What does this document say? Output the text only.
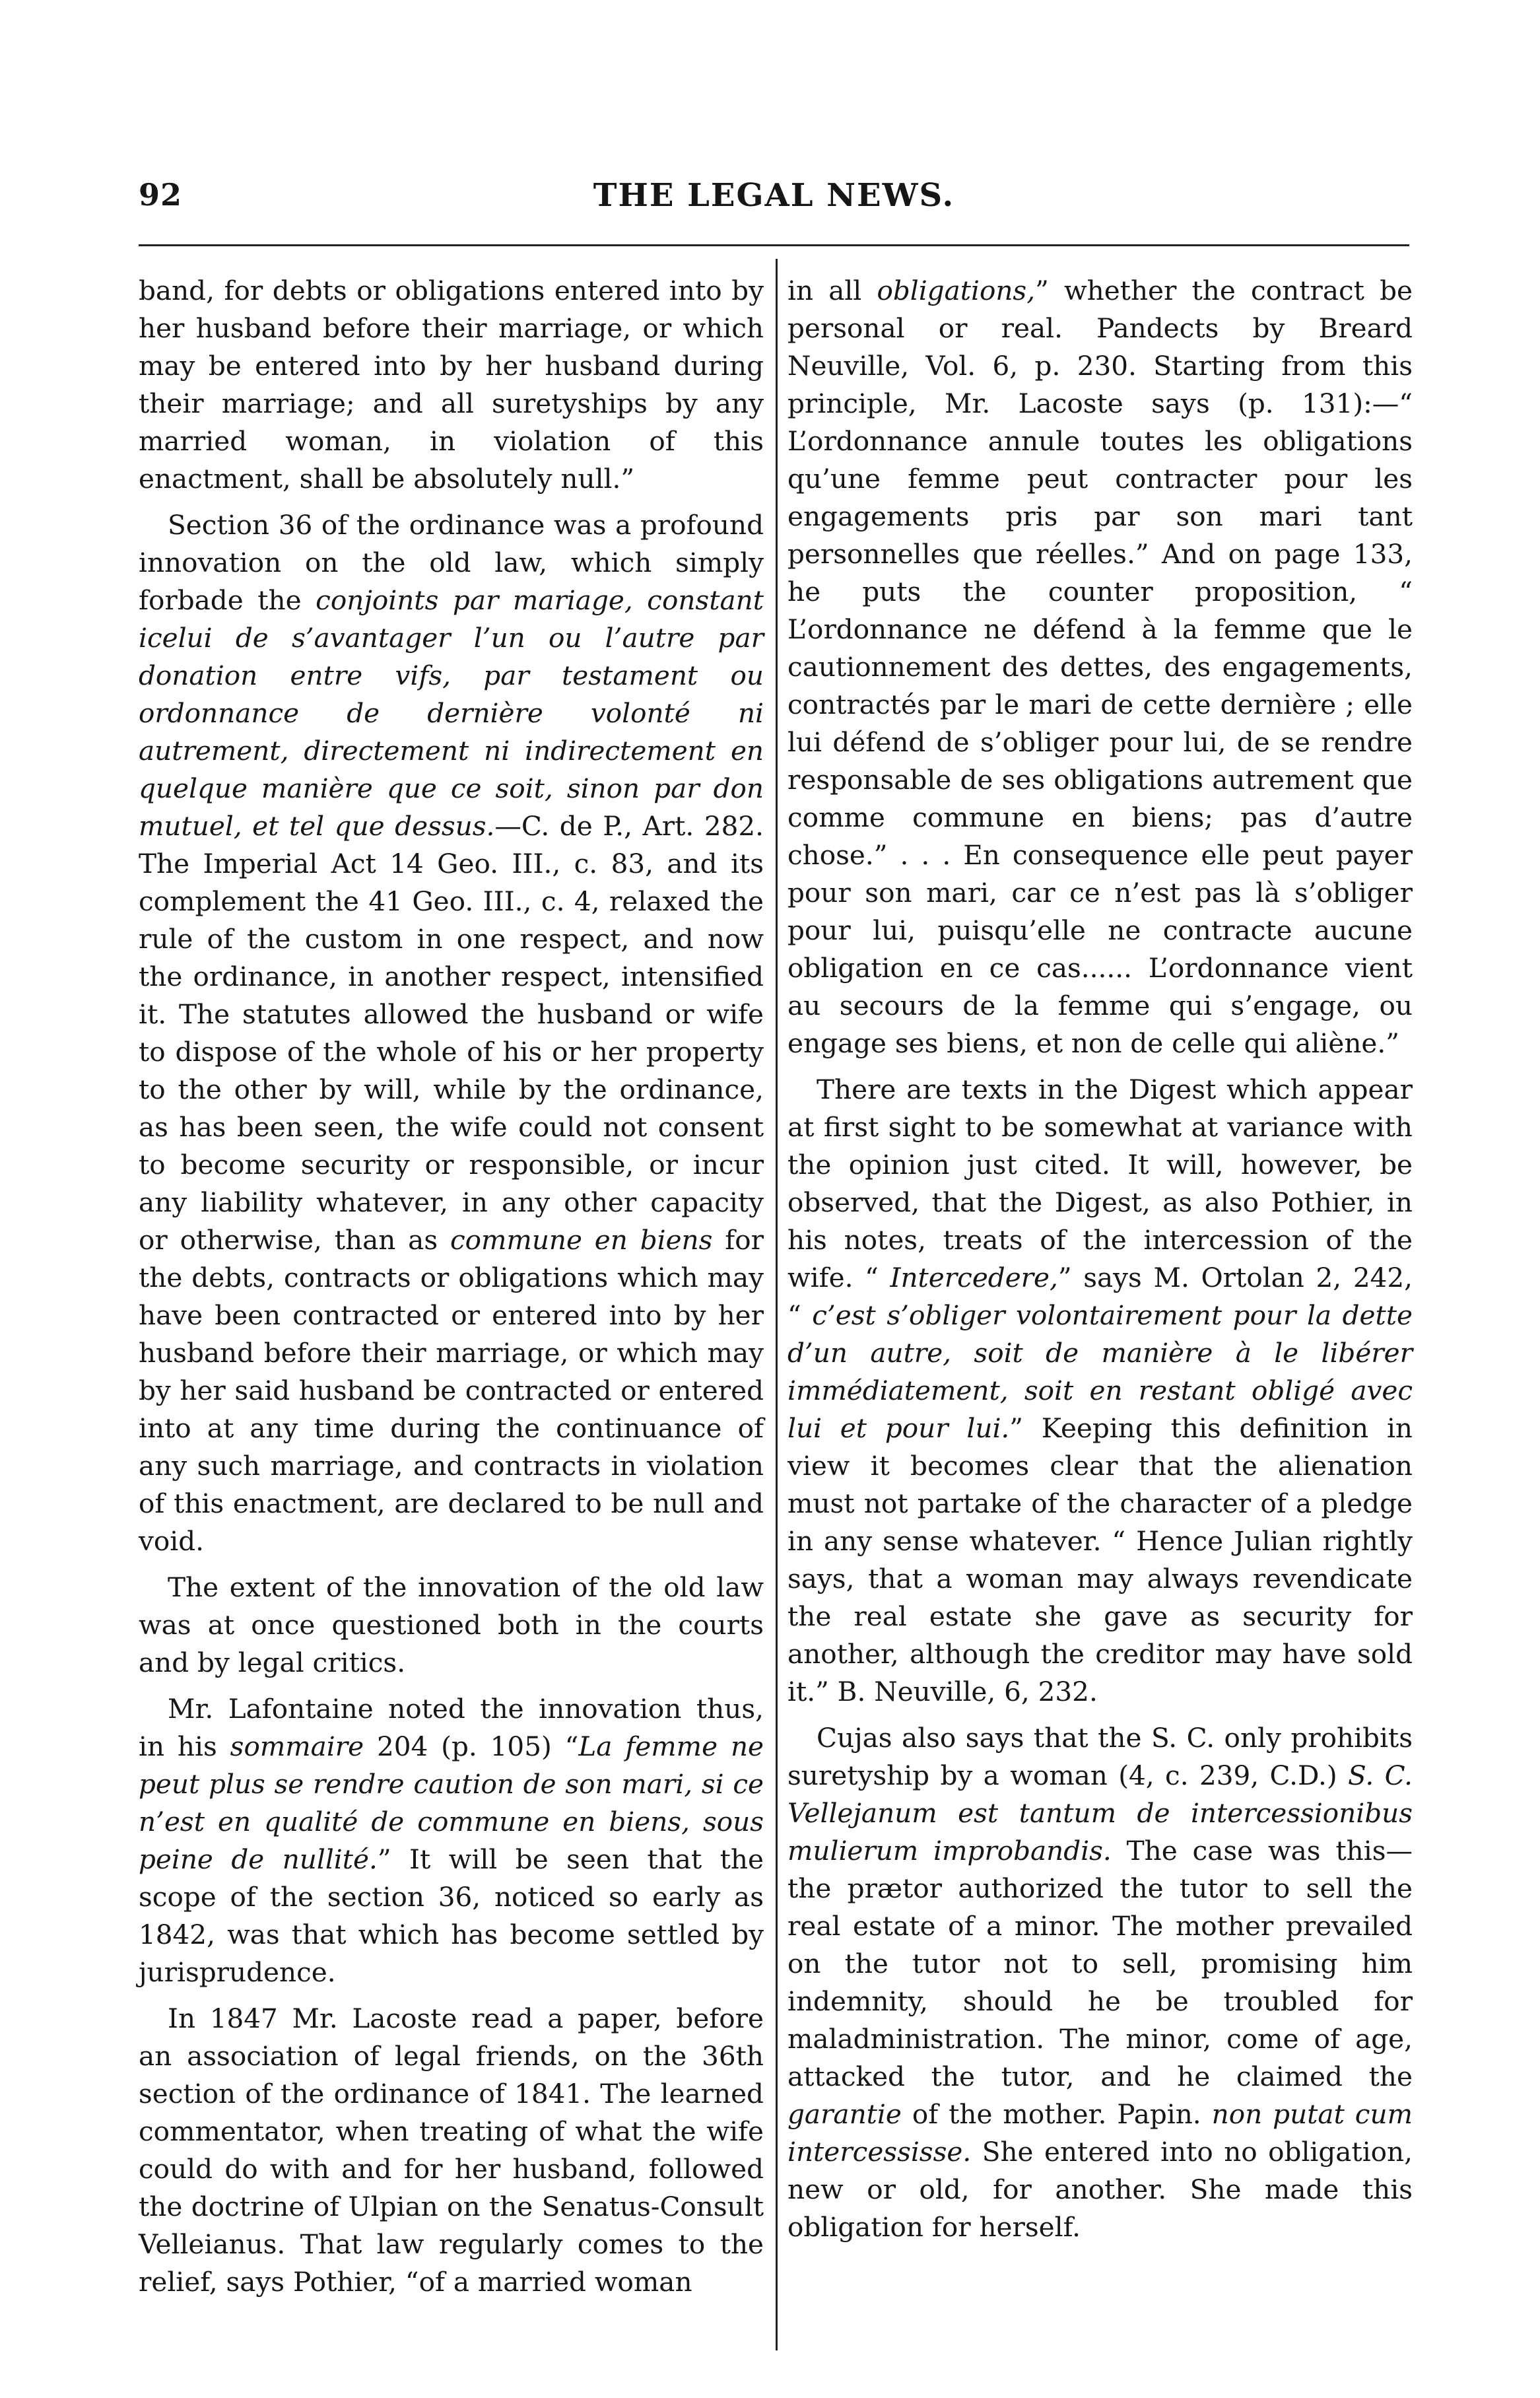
92	THE LEGAL NEWS.

band, for debts or obligations entered into by her husband before their marriage, or which may be entered into by her husband during their marriage; and all suretyships by any married woman, in violation of this enactment, shall be absolutely null.”

Section 36 of the ordinance was a profound innovation on the old law, which simply forbade the conjoints par mariage, constant icelui de s’avantager l’un ou l’autre par donation entre vifs, par testament ou ordonnance de dernière volonté ni autrement, directement ni indirectement en quelque manière que ce soit, sinon par don mutuel, et tel que dessus.—C. de P., Art. 282. The Imperial Act 14 Geo. III., c. 83, and its complement the 41 Geo. III., c. 4, relaxed the rule of the custom in one respect, and now the ordinance, in another respect, intensified it. The statutes allowed the husband or wife to dispose of the whole of his or her property to the other by will, while by the ordinance, as has been seen, the wife could not consent to become security or responsible, or incur any liability whatever, in any other capacity or otherwise, than as commune en biens for the debts, contracts or obligations which may have been contracted or entered into by her husband before their marriage, or which may by her said husband be contracted or entered into at any time during the continuance of any such marriage, and contracts in violation of this enactment, are declared to be null and void.

The extent of the innovation of the old law was at once questioned both in the courts and by legal critics.

Mr. Lafontaine noted the innovation thus, in his sommaire 204 (p. 105) “La femme ne peut plus se rendre caution de son mari, si ce n’est en qualité de commune en biens, sous peine de nullité.” It will be seen that the scope of the section 36, noticed so early as 1842, was that which has become settled by jurisprudence.

In 1847 Mr. Lacoste read a paper, before an association of legal friends, on the 36th section of the ordinance of 1841. The learned commentator, when treating of what the wife could do with and for her husband, followed the doctrine of Ulpian on the Senatus-Consult Velleianus. That law regularly comes to the relief, says Pothier, “of a married woman

in all obligations,” whether the contract be personal or real. Pandects by Breard Neuville, Vol. 6, p. 230. Starting from this principle, Mr. Lacoste says (p. 131):—“ L’ordonnance annule toutes les obligations qu’une femme peut contracter pour les engagements pris par son mari tant personnelles que réelles.” And on page 133, he puts the counter proposition, “ L’ordonnance ne défend à la femme que le cautionnement des dettes, des engagements, contractés par le mari de cette dernière ; elle lui défend de s’obliger pour lui, de se rendre responsable de ses obligations autrement que comme commune en biens; pas d’autre chose.” . . . En consequence elle peut payer pour son mari, car ce n’est pas là s’obliger pour lui, puisqu’elle ne contracte aucune obligation en ce cas...... L’ordonnance vient au secours de la femme qui s’engage, ou engage ses biens, et non de celle qui aliène.”

There are texts in the Digest which appear at first sight to be somewhat at variance with the opinion just cited. It will, however, be observed, that the Digest, as also Pothier, in his notes, treats of the intercession of the wife. “ Intercedere,” says M. Ortolan 2, 242, “ c’est s’obliger volontairement pour la dette d’un autre, soit de manière à le libérer immédiatement, soit en restant obligé avec lui et pour lui.” Keeping this definition in view it becomes clear that the alienation must not partake of the character of a pledge in any sense whatever. “ Hence Julian rightly says, that a woman may always revendicate the real estate she gave as security for another, although the creditor may have sold it.” B. Neuville, 6, 232.

Cujas also says that the S. C. only prohibits suretyship by a woman (4, c. 239, C.D.) S. C. Vellejanum est tantum de intercessionibus mulierum improbandis. The case was this—the prætor authorized the tutor to sell the real estate of a minor. The mother prevailed on the tutor not to sell, promising him indemnity, should he be troubled for maladministration. The minor, come of age, attacked the tutor, and he claimed the garantie of the mother. Papin. non putat cum intercessisse. She entered into no obligation, new or old, for another. She made this obligation for herself.
